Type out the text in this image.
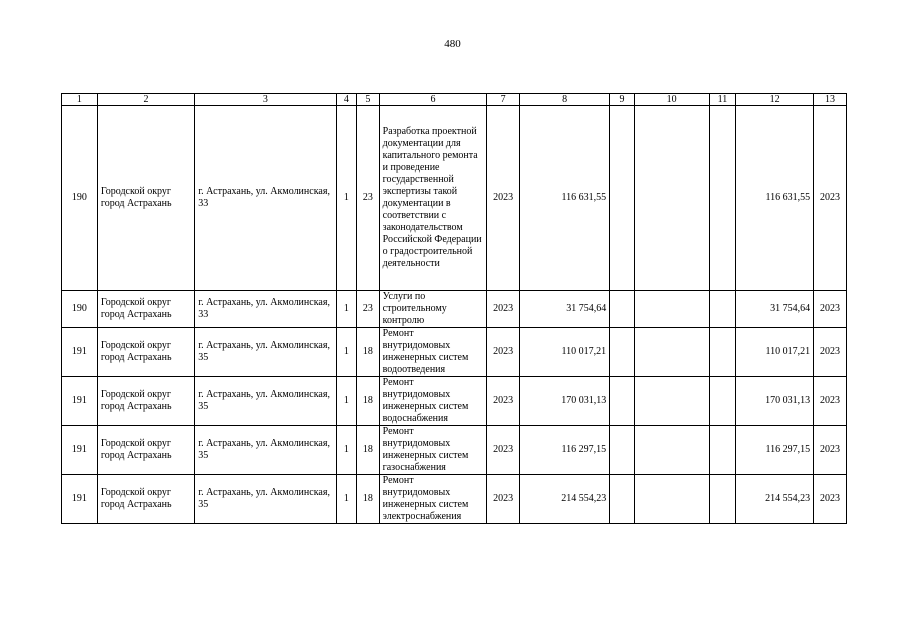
480
1	2	3	4	5	6	7	8	9	10	11	12	13
190	Городской округ город Астрахань	г. Астрахань, ул. Акмолинская, 33	1	23	Разработка проектной документации для капитального ремонта и проведение государственной экспертизы такой документации в соответствии с законодательством Российской Федерации о градостроительной деятельности	2023	116 631,55				116 631,55	2023
190	Городской округ город Астрахань	г. Астрахань, ул. Акмолинская, 33	1	23	Услуги по строительному контролю	2023	31 754,64				31 754,64	2023
191	Городской округ город Астрахань	г. Астрахань, ул. Акмолинская, 35	1	18	Ремонт внутридомовых инженерных систем водоотведения	2023	110 017,21				110 017,21	2023
191	Городской округ город Астрахань	г. Астрахань, ул. Акмолинская, 35	1	18	Ремонт внутридомовых инженерных систем водоснабжения	2023	170 031,13				170 031,13	2023
191	Городской округ город Астрахань	г. Астрахань, ул. Акмолинская, 35	1	18	Ремонт внутридомовых инженерных систем газоснабжения	2023	116 297,15				116 297,15	2023
191	Городской округ город Астрахань	г. Астрахань, ул. Акмолинская, 35	1	18	Ремонт внутридомовых инженерных систем электроснабжения	2023	214 554,23				214 554,23	2023
